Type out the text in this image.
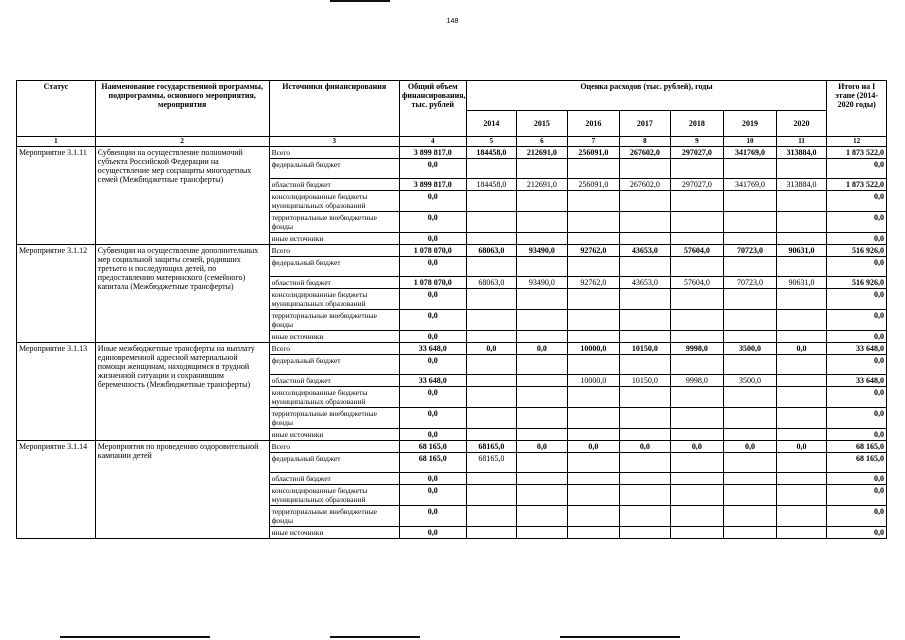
148
Статус	Наименование государственной программы, подпрограммы, основного мероприятия, мероприятия	Источники финансирования	Общий объем финансирования, тыс. рублей	Оценка расходов (тыс. рублей), годы							Итого на I этапе (2014-2020 годы)
				2014	2015	2016	2017	2018	2019	2020	
1	2	3	4	5	6	7	8	9	10	11	12
Мероприятие 3.1.11	Субвенции на осуществление полномочий субъекта Российской Федерации на осуществление мер соцзащиты многодетных семей (Межбюджетные трансферты)	Всего	3 899 817,0	184458,0	212691,0	256091,0	267602,0	297027,0	341769,0	313884,0	1 873 522,0
		федеральный бюджет	0,0								0,0
		областной бюджет	3 899 817,0	184458,0	212691,0	256091,0	267602,0	297027,0	341769,0	313884,0	1 873 522,0
		консолидированные бюджеты муниципальных образований	0,0								0,0
		территориальные внебюджетные фонды	0,0								0,0
		иные источники	0,0								0,0
Мероприятие 3.1.12	Субвенции на осуществление дополнительных мер социальной защиты семей, родивших третьего и последующих детей, по предоставлению материнского (семейного) капитала (Межбюджетные трансферты)	Всего	1 078 070,0	68063,0	93490,0	92762,0	43653,0	57604,0	70723,0	90631,0	516 926,0
		федеральный бюджет	0,0								0,0
		областной бюджет	1 078 070,0	68063,0	93490,0	92762,0	43653,0	57604,0	70723,0	90631,0	516 926,0
		консолидированные бюджеты муниципальных образований	0,0								0,0
		территориальные внебюджетные фонды	0,0								0,0
		иные источники	0,0								0,0
Мероприятие 3.1.13	Иные межбюджетные трансферты на выплату единовременной адресной материальной помощи женщинам, находящимся в трудной жизненной ситуации и сохранившим беременность (Межбюджетные трансферты)	Всего	33 648,0	0,0	0,0	10000,0	10150,0	9998,0	3500,0	0,0	33 648,0
		федеральный бюджет	0,0								0,0
		областной бюджет	33 648,0			10000,0	10150,0	9998,0	3500,0		33 648,0
		консолидированные бюджеты муниципальных образований	0,0								0,0
		территориальные внебюджетные фонды	0,0								0,0
		иные источники	0,0								0,0
Мероприятие 3.1.14	Мероприятия по проведению оздоровительной кампании детей	Всего	68 165,0	68165,0	0,0	0,0	0,0	0,0	0,0	0,0	68 165,0
		федеральный бюджет	68 165,0	68165,0							68 165,0
		областной бюджет	0,0								0,0
		консолидированные бюджеты муниципальных образований	0,0								0,0
		территориальные внебюджетные фонды	0,0								0,0
		иные источники	0,0								0,0
